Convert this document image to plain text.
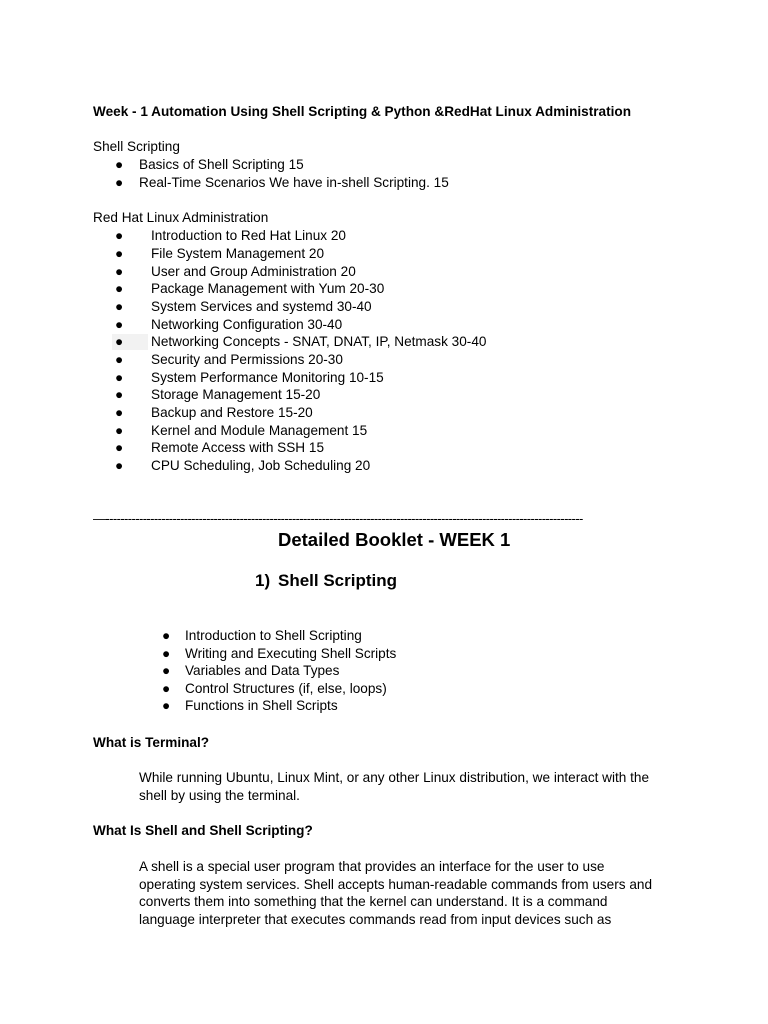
Week - 1 Automation Using Shell Scripting & Python &RedHat Linux Administration
Shell Scripting
● Basics of Shell Scripting 15
● Real-Time Scenarios We have in-shell Scripting. 15
Red Hat Linux Administration
● Introduction to Red Hat Linux 20
● File System Management 20
● User and Group Administration 20
● Package Management with Yum 20-30
● System Services and systemd 30-40
● Networking Configuration 30-40
● Networking Concepts - SNAT, DNAT, IP, Netmask 30-40
● Security and Permissions 20-30
● System Performance Monitoring 10-15
● Storage Management 15-20
● Backup and Restore 15-20
● Kernel and Module Management 15
● Remote Access with SSH 15
● CPU Scheduling, Job Scheduling 20
—--------------------------------------------------------------------------------------------------------------------------------
Detailed Booklet - WEEK 1
1) Shell Scripting
● Introduction to Shell Scripting
● Writing and Executing Shell Scripts
● Variables and Data Types
● Control Structures (if, else, loops)
● Functions in Shell Scripts
What is Terminal?
While running Ubuntu, Linux Mint, or any other Linux distribution, we interact with the
shell by using the terminal.
What Is Shell and Shell Scripting?
A shell is a special user program that provides an interface for the user to use
operating system services. Shell accepts human-readable commands from users and
converts them into something that the kernel can understand. It is a command
language interpreter that executes commands read from input devices such as
